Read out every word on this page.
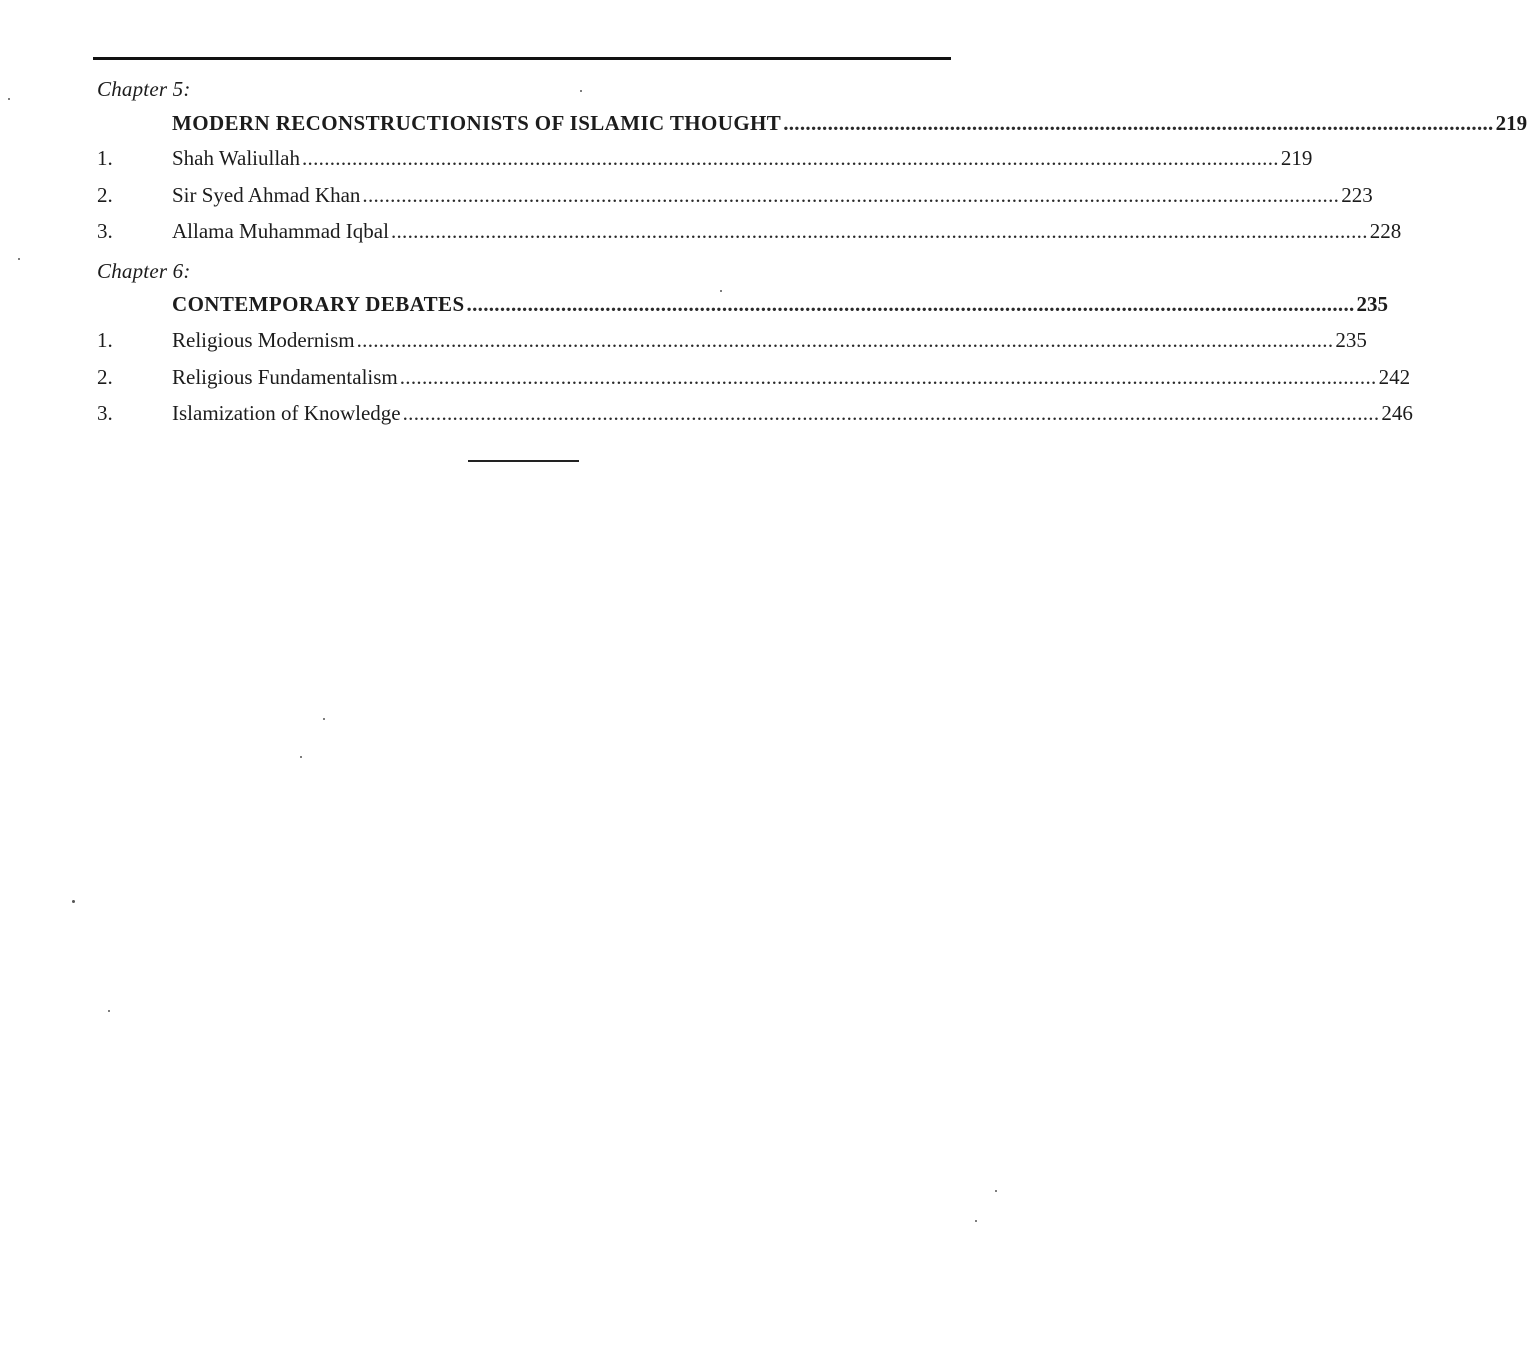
Chapter 5:
MODERN RECONSTRUCTIONISTS OF ISLAMIC THOUGHT ................................................................................................................................ 219
1.	Shah Waliullah ................................................................................................................................................................................ 219
2.	Sir Syed Ahmad Khan ................................................................................................................................................................................ 223
3.	Allama Muhammad Iqbal ................................................................................................................................................................................ 228
Chapter 6:
CONTEMPORARY DEBATES ................................................................................................................................................................ 235
1.	Religious Modernism ................................................................................................................................................................................ 235
2.	Religious Fundamentalism ................................................................................................................................................................................ 242
3.	Islamization of Knowledge ................................................................................................................................................................................ 246
